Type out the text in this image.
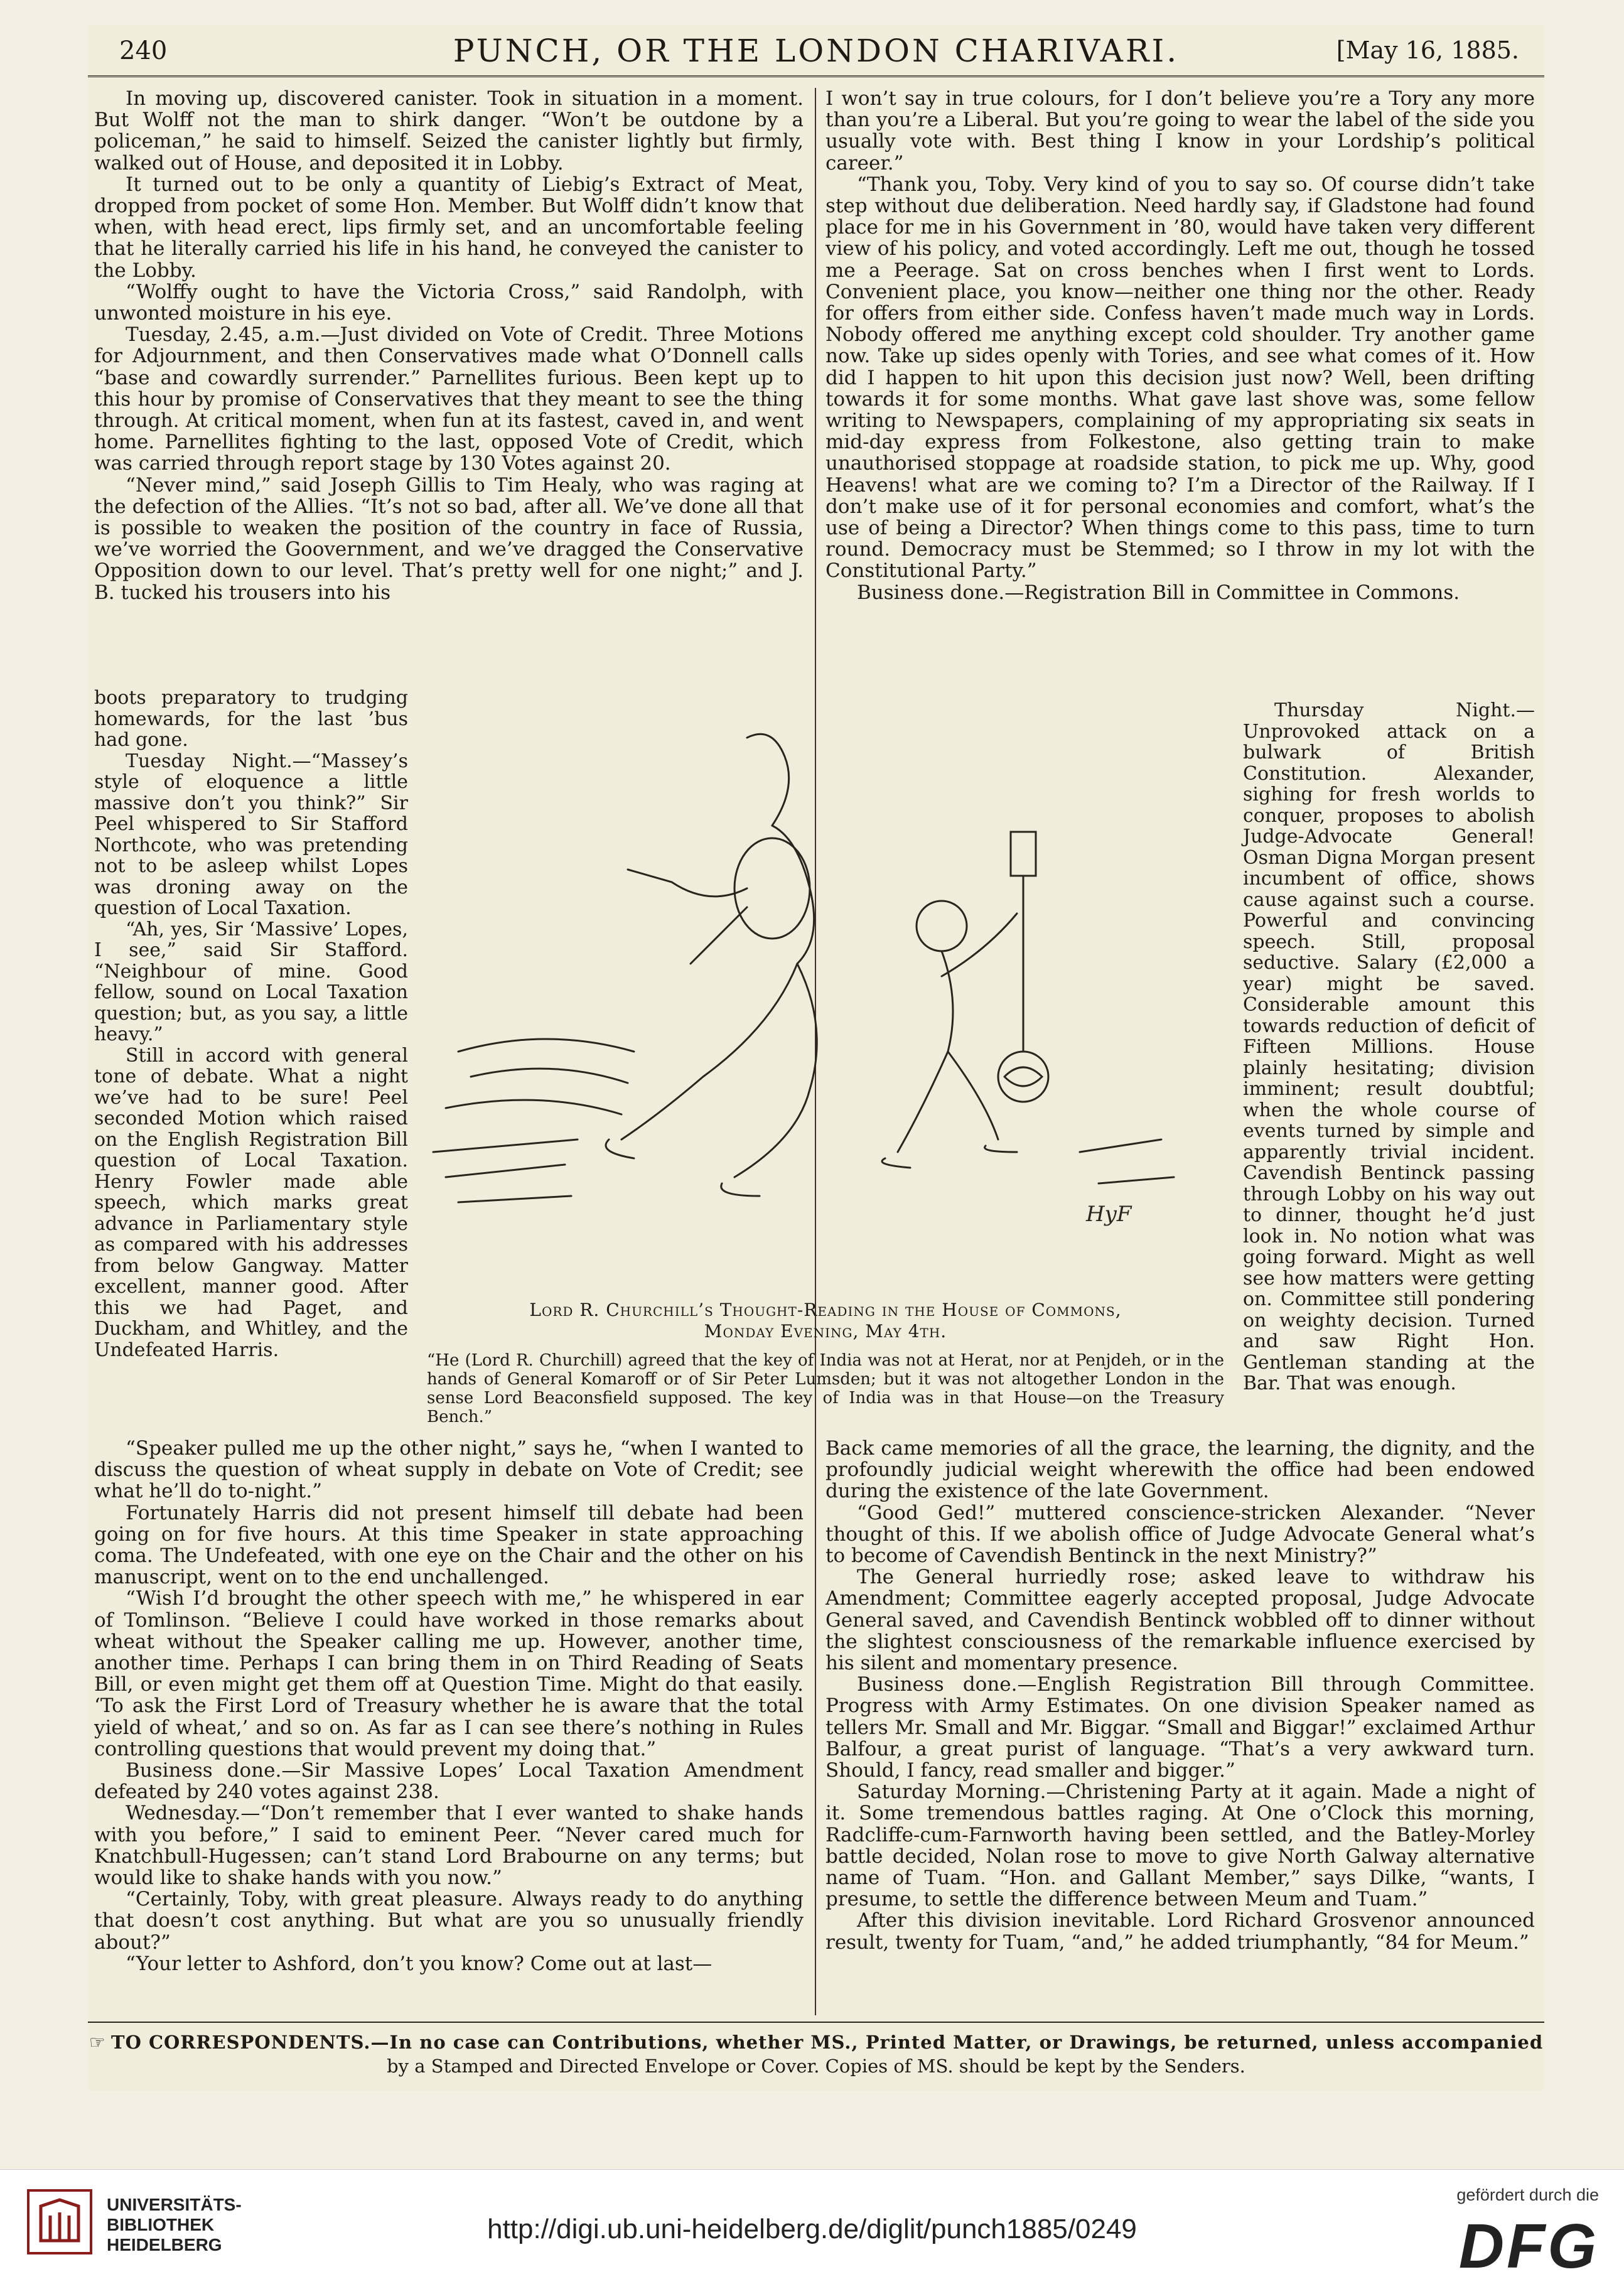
240	PUNCH, OR THE LONDON CHARIVARI.	[May 16, 1885.

In moving up, discovered canister. Took in situation in a moment. But Wolff not the man to shirk danger. “Won’t be outdone by a policeman,” he said to himself. Seized the canister lightly but firmly, walked out of House, and deposited it in Lobby.

It turned out to be only a quantity of Liebig’s Extract of Meat, dropped from pocket of some Hon. Member. But Wolff didn’t know that when, with head erect, lips firmly set, and an uncomfortable feeling that he literally carried his life in his hand, he conveyed the canister to the Lobby.

“Wolffy ought to have the Victoria Cross,” said Randolph, with unwonted moisture in his eye.

Tuesday, 2.45, a.m.—Just divided on Vote of Credit. Three Motions for Adjournment, and then Conservatives made what O’Donnell calls “base and cowardly surrender.” Parnellites furious. Been kept up to this hour by promise of Conservatives that they meant to see the thing through. At critical moment, when fun at its fastest, caved in, and went home. Parnellites fighting to the last, opposed Vote of Credit, which was carried through report stage by 130 Votes against 20.

“Never mind,” said Joseph Gillis to Tim Healy, who was raging at the defection of the Allies. “It’s not so bad, after all. We’ve done all that is possible to weaken the position of the country in face of Russia, we’ve worried the Goovernment, and we’ve dragged the Conservative Opposition down to our level. That’s pretty well for one night;” and J. B. tucked his trousers into his

I won’t say in true colours, for I don’t believe you’re a Tory any more than you’re a Liberal. But you’re going to wear the label of the side you usually vote with. Best thing I know in your Lordship’s political career.”

“Thank you, Toby. Very kind of you to say so. Of course didn’t take step without due deliberation. Need hardly say, if Gladstone had found place for me in his Government in ’80, would have taken very different view of his policy, and voted accordingly. Left me out, though he tossed me a Peerage. Sat on cross benches when I first went to Lords. Convenient place, you know—neither one thing nor the other. Ready for offers from either side. Confess haven’t made much way in Lords. Nobody offered me anything except cold shoulder. Try another game now. Take up sides openly with Tories, and see what comes of it. How did I happen to hit upon this decision just now? Well, been drifting towards it for some months. What gave last shove was, some fellow writing to Newspapers, complaining of my appropriating six seats in mid-day express from Folkestone, also getting train to make unauthorised stoppage at roadside station, to pick me up. Why, good Heavens! what are we coming to? I’m a Director of the Railway. If I don’t make use of it for personal economies and comfort, what’s the use of being a Director? When things come to this pass, time to turn round. Democracy must be Stemmed; so I throw in my lot with the Constitutional Party.”

Business done.—Registration Bill in Committee in Commons.

boots preparatory to trudging homewards, for the last ’bus had gone.

Tuesday Night.—“Massey’s style of eloquence a little massive don’t you think?” Sir Peel whispered to Sir Stafford Northcote, who was pretending not to be asleep whilst Lopes was droning away on the question of Local Taxation.

“Ah, yes, Sir ‘Massive’ Lopes, I see,” said Sir Stafford. “Neighbour of mine. Good fellow, sound on Local Taxation question; but, as you say, a little heavy.”

Still in accord with general tone of debate. What a night we’ve had to be sure! Peel seconded Motion which raised on the English Registration Bill question of Local Taxation. Henry Fowler made able speech, which marks great advance in Parliamentary style as compared with his addresses from below Gangway. Matter excellent, manner good. After this we had Paget, and Duckham, and Whitley, and the Undefeated Harris.

Thursday Night.—Unprovoked attack on a bulwark of British Constitution. Alexander, sighing for fresh worlds to conquer, proposes to abolish Judge-Advocate General! Osman Digna Morgan present incumbent of office, shows cause against such a course. Powerful and convincing speech. Still, proposal seductive. Salary (£2,000 a year) might be saved. Considerable amount this towards reduction of deficit of Fifteen Millions. House plainly hesitating; division imminent; result doubtful; when the whole course of events turned by simple and apparently trivial incident. Cavendish Bentinck passing through Lobby on his way out to dinner, thought he’d just look in. No notion what was going forward. Might as well see how matters were getting on. Committee still pondering on weighty decision. Turned and saw Right Hon. Gentleman standing at the Bar. That was enough.

HyF
Lord R. Churchill’s Thought-Reading in the House of Commons,
Monday Evening, May 4th.
“He (Lord R. Churchill) agreed that the key of India was not at Herat, nor at Penjdeh, or in the hands of General Komaroff or of Sir Peter Lumsden; but it was not altogether London in the sense Lord Beaconsfield supposed. The key of India was in that House—on the Treasury Bench.”

“Speaker pulled me up the other night,” says he, “when I wanted to discuss the question of wheat supply in debate on Vote of Credit; see what he’ll do to-night.”

Fortunately Harris did not present himself till debate had been going on for five hours. At this time Speaker in state approaching coma. The Undefeated, with one eye on the Chair and the other on his manuscript, went on to the end unchallenged.

“Wish I’d brought the other speech with me,” he whispered in ear of Tomlinson. “Believe I could have worked in those remarks about wheat without the Speaker calling me up. However, another time, another time. Perhaps I can bring them in on Third Reading of Seats Bill, or even might get them off at Question Time. Might do that easily. ‘To ask the First Lord of Treasury whether he is aware that the total yield of wheat,’ and so on. As far as I can see there’s nothing in Rules controlling questions that would prevent my doing that.”

Business done.—Sir Massive Lopes’ Local Taxation Amendment defeated by 240 votes against 238.

Wednesday.—“Don’t remember that I ever wanted to shake hands with you before,” I said to eminent Peer. “Never cared much for Knatchbull-Hugessen; can’t stand Lord Brabourne on any terms; but would like to shake hands with you now.”

“Certainly, Toby, with great pleasure. Always ready to do anything that doesn’t cost anything. But what are you so unusually friendly about?”

“Your letter to Ashford, don’t you know? Come out at last—

Back came memories of all the grace, the learning, the dignity, and the profoundly judicial weight wherewith the office had been endowed during the existence of the late Government.

“Good Ged!” muttered conscience-stricken Alexander. “Never thought of this. If we abolish office of Judge Advocate General what’s to become of Cavendish Bentinck in the next Ministry?”

The General hurriedly rose; asked leave to withdraw his Amendment; Committee eagerly accepted proposal, Judge Advocate General saved, and Cavendish Bentinck wobbled off to dinner without the slightest consciousness of the remarkable influence exercised by his silent and momentary presence.

Business done.—English Registration Bill through Committee. Progress with Army Estimates. On one division Speaker named as tellers Mr. Small and Mr. Biggar. “Small and Biggar!” exclaimed Arthur Balfour, a great purist of language. “That’s a very awkward turn. Should, I fancy, read smaller and bigger.”

Saturday Morning.—Christening Party at it again. Made a night of it. Some tremendous battles raging. At One o’Clock this morning, Radcliffe-cum-Farnworth having been settled, and the Batley-Morley battle decided, Nolan rose to move to give North Galway alternative name of Tuam. “Hon. and Gallant Member,” says Dilke, “wants, I presume, to settle the difference between Meum and Tuam.”

After this division inevitable. Lord Richard Grosvenor announced result, twenty for Tuam, “and,” he added triumphantly, “84 for Meum.”

☞ TO CORRESPONDENTS.—In no case can Contributions, whether MS., Printed Matter, or Drawings, be returned, unless accompanied
by a Stamped and Directed Envelope or Cover. Copies of MS. should be kept by the Senders.
UNIVERSITÄTS-
BIBLIOTHEK
HEIDELBERG
http://digi.ub.uni-heidelberg.de/diglit/punch1885/0249
gefördert durch die
DFG
